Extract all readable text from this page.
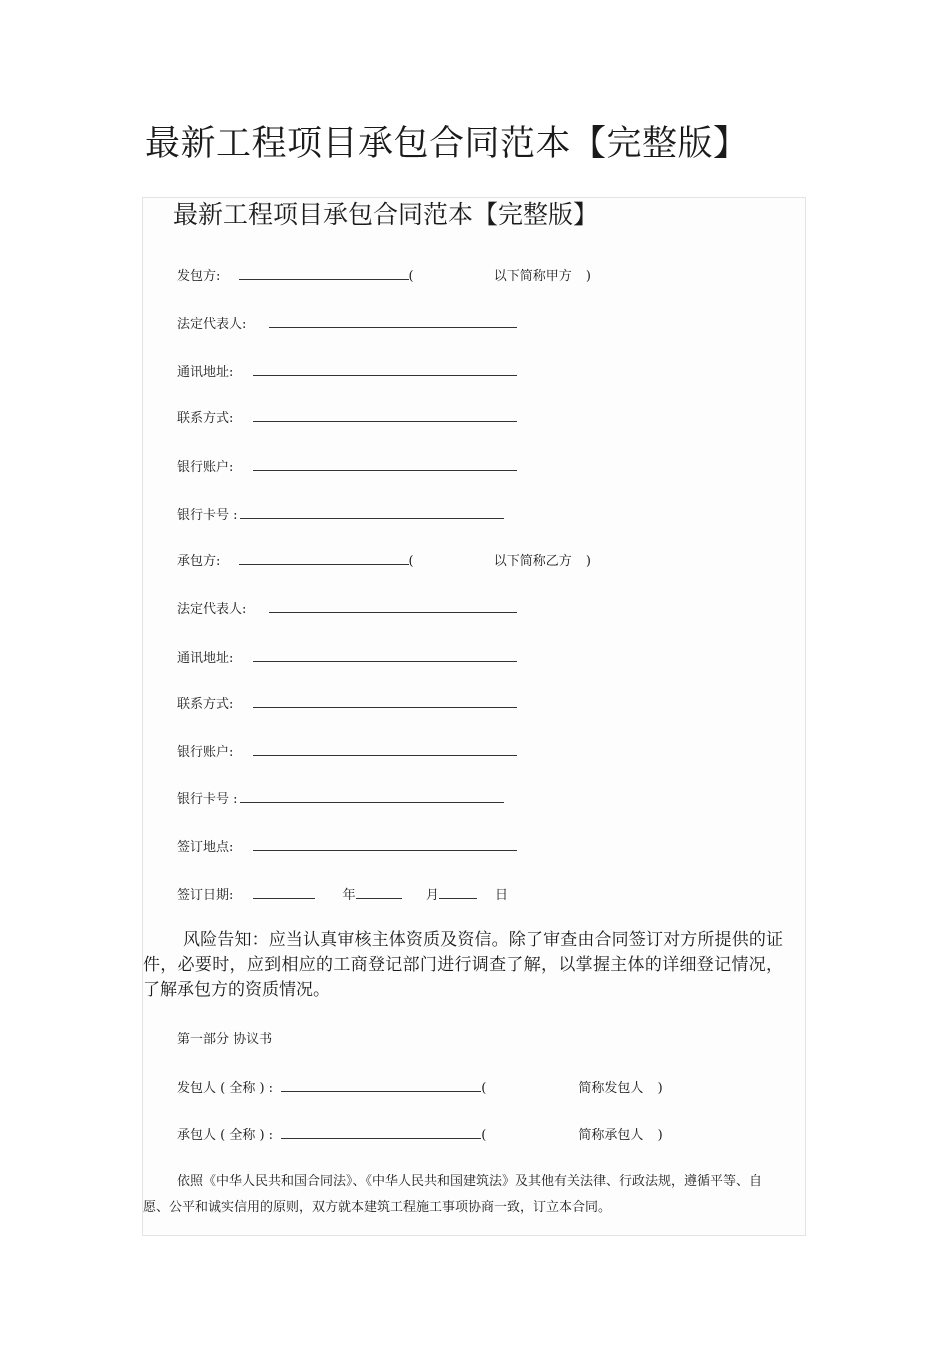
最新工程项目承包合同范本【完整版】
最新工程项目承包合同范本【完整版】
发包方:	(	以下简称甲方 )
法定代表人:
通讯地址:
联系方式:
银行账户:
银行卡号 :
承包方:	(	以下简称乙方 )
法定代表人:
通讯地址:
联系方式:
银行账户:
银行卡号 :
签订地点:
签订日期:	年	月	日
风险告知：应当认真审核主体资质及资信。除了审查由合同签订对方所提供的证件，必要时，应到相应的工商登记部门进行调查了解，以掌握主体的详细登记情况，了解承包方的资质情况。
第一部分 协议书
发包人 ( 全称 ) :	(	简称发包人 )
承包人 ( 全称 ) :	(	简称承包人 )
依照《中华人民共和国合同法》、《中华人民共和国建筑法》及其他有关法律、行政法规，遵循平等、自愿、公平和诚实信用的原则，双方就本建筑工程施工事项协商一致，订立本合同。
